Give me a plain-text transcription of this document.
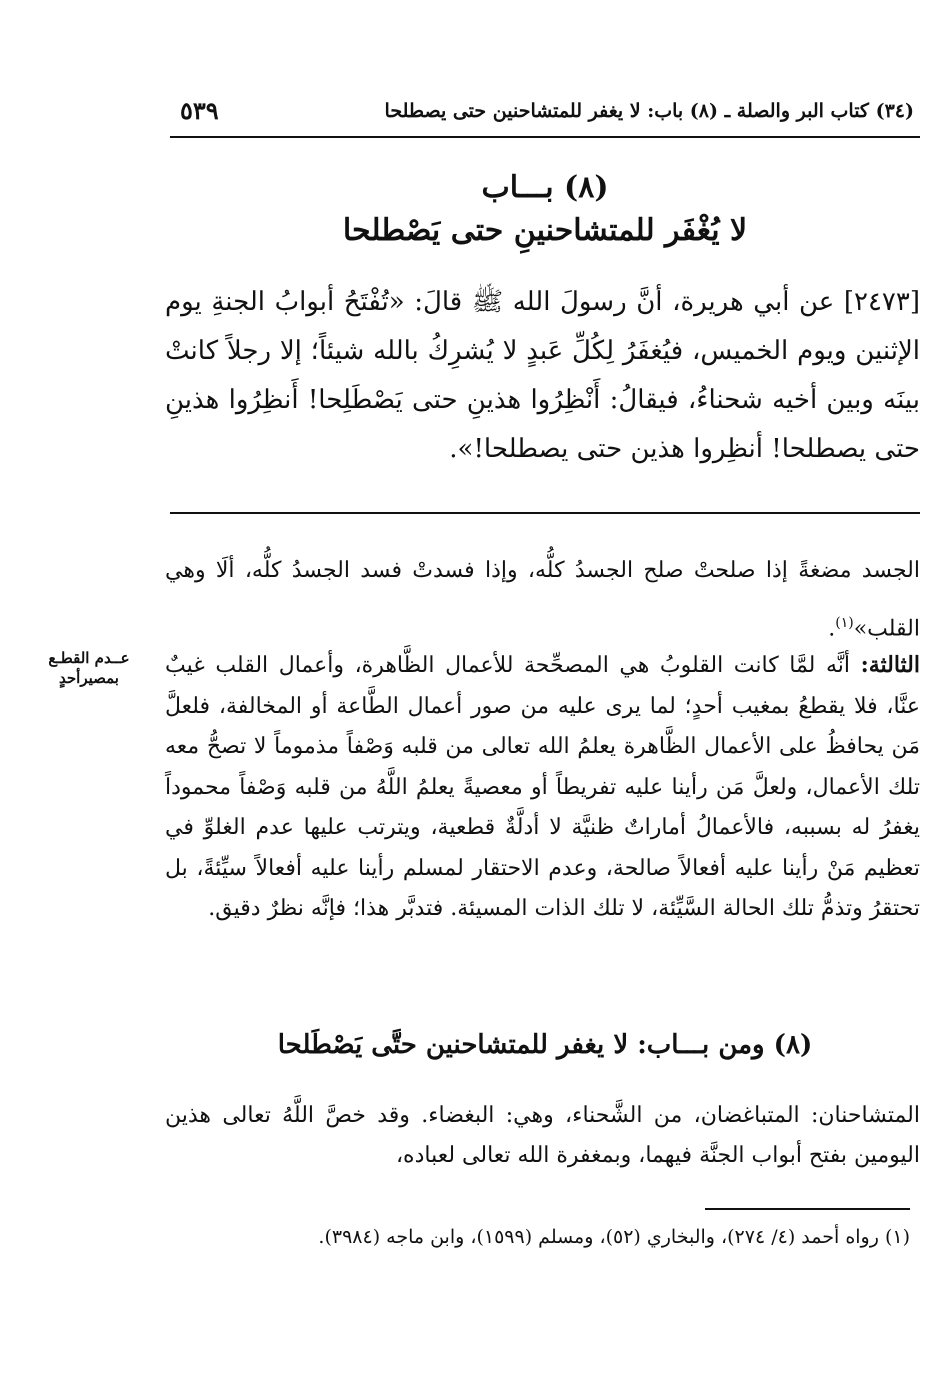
٥٣٩	(٣٤) كتاب البر والصلة ـ (٨) باب: لا يغفر للمتشاحنين حتى يصطلحا
(٨) بـــاب
لا يُغْفَر للمتشاحنينِ حتى يَصْطلحا
[٢٤٧٣] عن أبي هريرة، أنَّ رسولَ الله ﷺ قالَ: «تُفْتَحُ أبوابُ الجنةِ يوم الإثنين ويوم الخميس، فيُغفَرُ لِكُلِّ عَبدٍ لا يُشرِكُ بالله شيئاً؛ إلا رجلاً كانتْ بينَه وبين أخيه شحناءُ، فيقالُ: أَنْظِرُوا هذينِ حتى يَصْطَلِحا! أَنظِرُوا هذينِ حتى يصطلحا! أنظِروا هذين حتى يصطلحا!».
الجسد مضغةً إذا صلحتْ صلح الجسدُ كلُّه، وإذا فسدتْ فسد الجسدُ كلُّه، ألَا وهي القلب»$^{(١)}$.
عــدم القطـع بمصيرأحدٍ	الثالثة: أنَّه لمَّا كانت القلوبُ هي المصحِّحة للأعمال الظَّاهرة، وأعمال القلب غيبٌ عنَّا، فلا يقطعُ بمغيب أحدٍ؛ لما يرى عليه من صور أعمال الطَّاعة أو المخالفة، فلعلَّ مَن يحافظُ على الأعمال الظَّاهرة يعلمُ الله تعالى من قلبه وَصْفاً مذموماً لا تصحُّ معه تلك الأعمال، ولعلَّ مَن رأينا عليه تفريطاً أو معصيةً يعلمُ اللَّهُ من قلبه وَصْفاً محموداً يغفرُ له بسببه، فالأعمالُ أماراتٌ ظنيَّة لا أدلَّةٌ قطعية، ويترتب عليها عدم الغلوِّ في تعظيم مَنْ رأينا عليه أفعالاً صالحة، وعدم الاحتقار لمسلم رأينا عليه أفعالاً سيِّئةً، بل تحتقرُ وتذمُّ تلك الحالة السَّيِّئة، لا تلك الذات المسيئة. فتدبَّر هذا؛ فإنَّه نظرٌ دقيق.
(٨) ومن بـــاب: لا يغفر للمتشاحنين حتَّى يَصْطَلحا
المتشاحنان: المتباغضان، من الشَّحناء، وهي: البغضاء. وقد خصَّ اللَّهُ تعالى هذين اليومين بفتح أبواب الجنَّة فيهما، وبمغفرة الله تعالى لعباده،
(١) رواه أحمد (٤/ ٢٧٤)، والبخاري (٥٢)، ومسلم (١٥٩٩)، وابن ماجه (٣٩٨٤).
